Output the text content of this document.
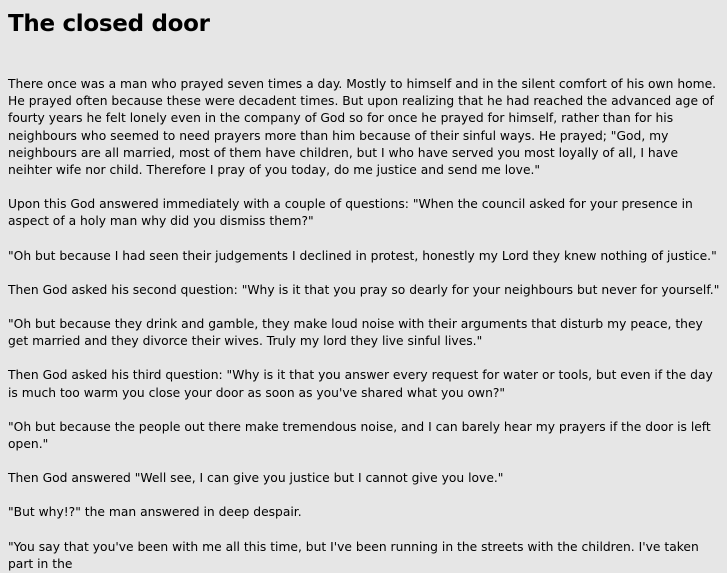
The closed door

There once was a man who prayed seven times a day. Mostly to himself and in the silent comfort of his own home. He prayed often because these were decadent times. But upon realizing that he had reached the advanced age of fourty years he felt lonely even in the company of God so for once he prayed for himself, rather than for his neighbours who seemed to need prayers more than him because of their sinful ways. He prayed; "God, my neighbours are all married, most of them have children, but I who have served you most loyally of all, I have neihter wife nor child. Therefore I pray of you today, do me justice and send me love."

Upon this God answered immediately with a couple of questions: "When the council asked for your presence in aspect of a holy man why did you dismiss them?"

"Oh but because I had seen their judgements I declined in protest, honestly my Lord they knew nothing of justice."

Then God asked his second question: "Why is it that you pray so dearly for your neighbours but never for yourself."

"Oh but because they drink and gamble, they make loud noise with their arguments that disturb my peace, they get married and they divorce their wives. Truly my lord they live sinful lives."

Then God asked his third question: "Why is it that you answer every request for water or tools, but even if the day is much too warm you close your door as soon as you've shared what you own?"

"Oh but because the people out there make tremendous noise, and I can barely hear my prayers if the door is left open."

Then God answered "Well see, I can give you justice but I cannot give you love."

"But why!?" the man answered in deep despair.

"You say that you've been with me all this time, but I've been running in the streets with the children. I've taken part in the
